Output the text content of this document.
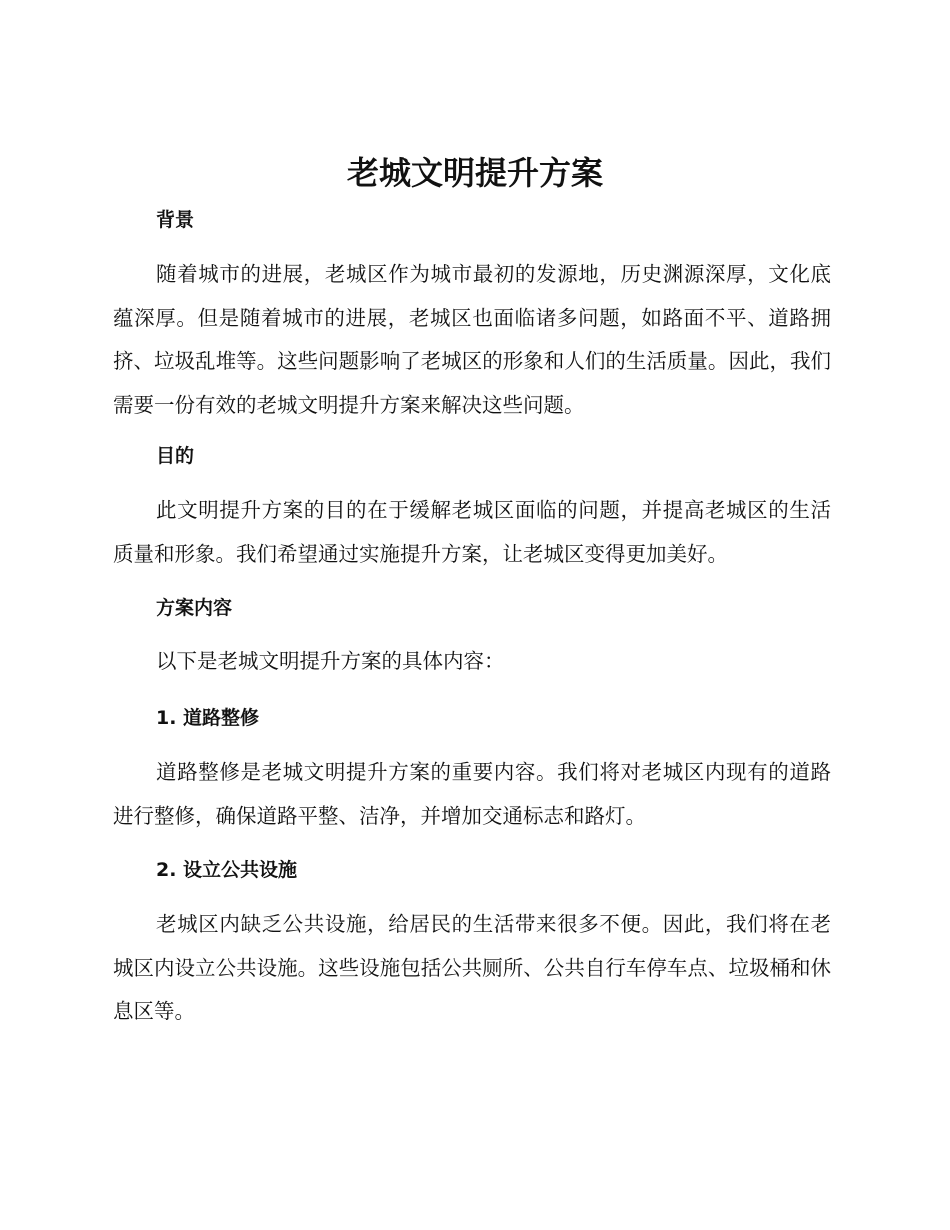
老城文明提升方案
背景

随着城市的进展，老城区作为城市最初的发源地，历史渊源深厚，文化底蕴深厚。但是随着城市的进展，老城区也面临诸多问题，如路面不平、道路拥挤、垃圾乱堆等。这些问题影响了老城区的形象和人们的生活质量。因此，我们需要一份有效的老城文明提升方案来解决这些问题。

目的

此文明提升方案的目的在于缓解老城区面临的问题，并提高老城区的生活质量和形象。我们希望通过实施提升方案，让老城区变得更加美好。

方案内容

以下是老城文明提升方案的具体内容：

1. 道路整修

道路整修是老城文明提升方案的重要内容。我们将对老城区内现有的道路进行整修，确保道路平整、洁净，并增加交通标志和路灯。

2. 设立公共设施

老城区内缺乏公共设施，给居民的生活带来很多不便。因此，我们将在老城区内设立公共设施。这些设施包括公共厕所、公共自行车停车点、垃圾桶和休息区等。
